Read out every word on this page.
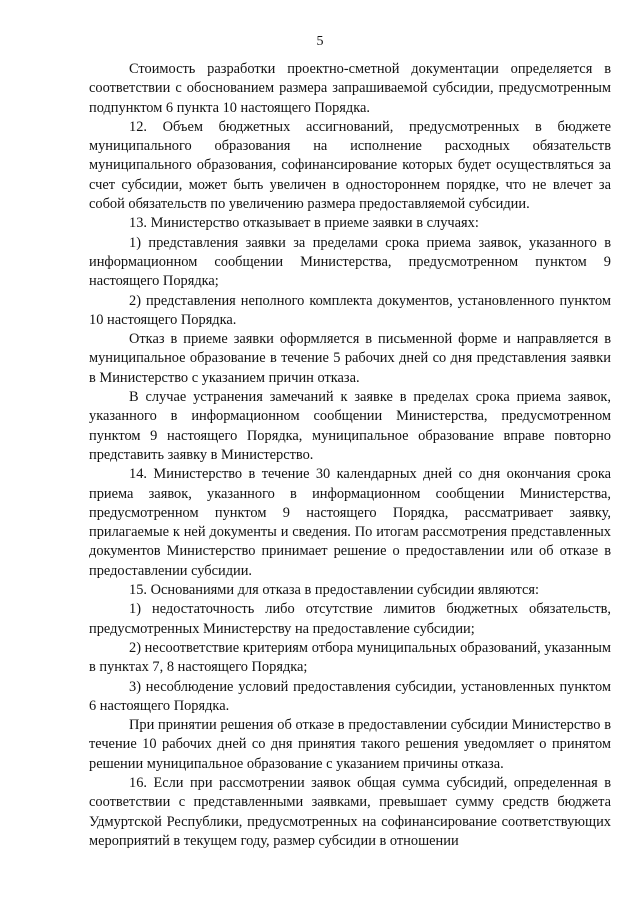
5

Стоимость разработки проектно-сметной документации определяется в соответствии с обоснованием размера запрашиваемой субсидии, предусмотренным подпунктом 6 пункта 10 настоящего Порядка.

12. Объем бюджетных ассигнований, предусмотренных в бюджете муниципального образования на исполнение расходных обязательств муниципального образования, софинансирование которых будет осуществляться за счет субсидии, может быть увеличен в одностороннем порядке, что не влечет за собой обязательств по увеличению размера предоставляемой субсидии.

13. Министерство отказывает в приеме заявки в случаях:

1) представления заявки за пределами срока приема заявок, указанного в информационном сообщении Министерства, предусмотренном пунктом 9 настоящего Порядка;

2) представления неполного комплекта документов, установленного пунктом 10 настоящего Порядка.

Отказ в приеме заявки оформляется в письменной форме и направляется в муниципальное образование в течение 5 рабочих дней со дня представления заявки в Министерство с указанием причин отказа.

В случае устранения замечаний к заявке в пределах срока приема заявок, указанного в информационном сообщении Министерства, предусмотренном пунктом 9 настоящего Порядка, муниципальное образование вправе повторно представить заявку в Министерство.

14. Министерство в течение 30 календарных дней со дня окончания срока приема заявок, указанного в информационном сообщении Министерства, предусмотренном пунктом 9 настоящего Порядка, рассматривает заявку, прилагаемые к ней документы и сведения. По итогам рассмотрения представленных документов Министерство принимает решение о предоставлении или об отказе в предоставлении субсидии.

15. Основаниями для отказа в предоставлении субсидии являются:

1) недостаточность либо отсутствие лимитов бюджетных обязательств, предусмотренных Министерству на предоставление субсидии;

2) несоответствие критериям отбора муниципальных образований, указанным в пунктах 7, 8 настоящего Порядка;

3) несоблюдение условий предоставления субсидии, установленных пунктом 6 настоящего Порядка.

При принятии решения об отказе в предоставлении субсидии Министерство в течение 10 рабочих дней со дня принятия такого решения уведомляет о принятом решении муниципальное образование с указанием причины отказа.

16. Если при рассмотрении заявок общая сумма субсидий, определенная в соответствии с представленными заявками, превышает сумму средств бюджета Удмуртской Республики, предусмотренных на софинансирование соответствующих мероприятий в текущем году, размер субсидии в отношении
